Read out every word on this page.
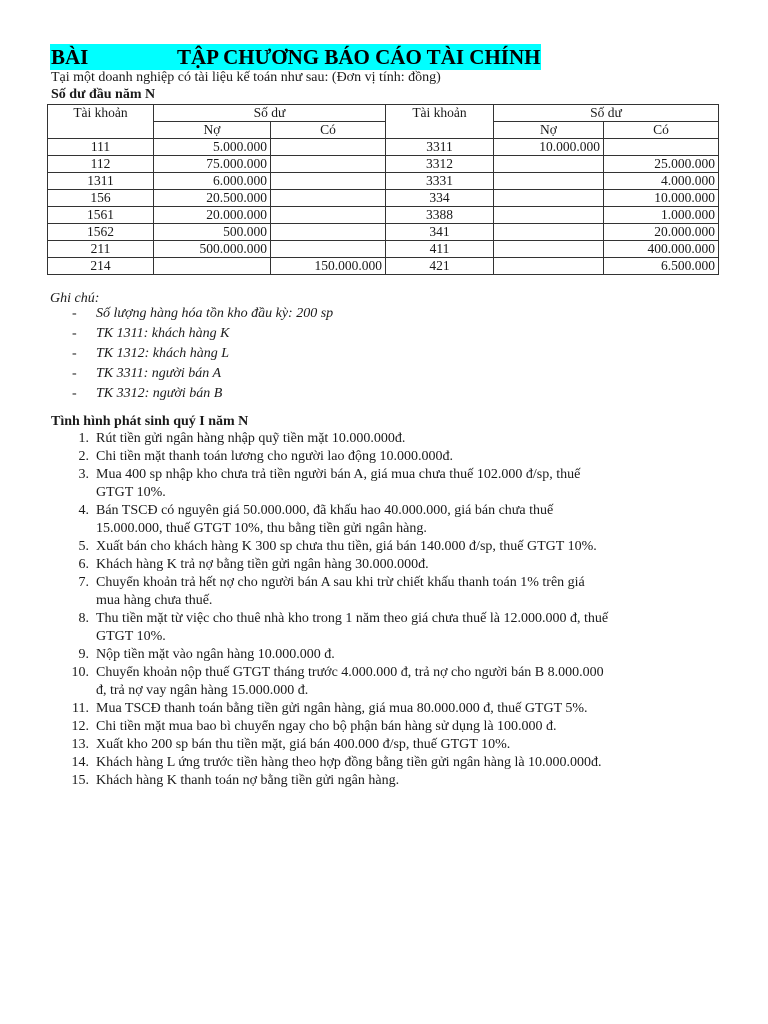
BÀI	TẬP CHƯƠNG BÁO CÁO TÀI CHÍNH
Tại một doanh nghiệp có tài liệu kế toán như sau: (Đơn vị tính: đồng)
Số dư đầu năm N
Tài khoản	Số dư		Tài khoản	Số dư	
	Nợ	Có		Nợ	Có
111	5.000.000		3311	10.000.000	
112	75.000.000		3312		25.000.000
1311	6.000.000		3331		4.000.000
156	20.500.000		334		10.000.000
1561	20.000.000		3388		1.000.000
1562	500.000		341		20.000.000
211	500.000.000		411		400.000.000
214		150.000.000	421		6.500.000
Ghi chú:
- Số lượng hàng hóa tồn kho đầu kỳ: 200 sp
- TK 1311: khách hàng K
- TK 1312: khách hàng L
- TK 3311: người bán A
- TK 3312: người bán B
Tình hình phát sinh quý I năm N
1. Rút tiền gửi ngân hàng nhập quỹ tiền mặt 10.000.000đ.
2. Chi tiền mặt thanh toán lương cho người lao động 10.000.000đ.
3. Mua 400 sp nhập kho chưa trả tiền người bán A, giá mua chưa thuế 102.000 đ/sp, thuế
GTGT 10%.
4. Bán TSCĐ có nguyên giá 50.000.000, đã khấu hao 40.000.000, giá bán chưa thuế
15.000.000, thuế GTGT 10%, thu bằng tiền gửi ngân hàng.
5. Xuất bán cho khách hàng K 300 sp chưa thu tiền, giá bán 140.000 đ/sp, thuế GTGT 10%.
6. Khách hàng K trả nợ bằng tiền gửi ngân hàng 30.000.000đ.
7. Chuyển khoản trả hết nợ cho người bán A sau khi trừ chiết khấu thanh toán 1% trên giá
mua hàng chưa thuế.
8. Thu tiền mặt từ việc cho thuê nhà kho trong 1 năm theo giá chưa thuế là 12.000.000 đ, thuế
GTGT 10%.
9. Nộp tiền mặt vào ngân hàng 10.000.000 đ.
10. Chuyển khoản nộp thuế GTGT tháng trước 4.000.000 đ, trả nợ cho người bán B 8.000.000
đ, trả nợ vay ngân hàng 15.000.000 đ.
11. Mua TSCĐ thanh toán bằng tiền gửi ngân hàng, giá mua 80.000.000 đ, thuế GTGT 5%.
12. Chi tiền mặt mua bao bì chuyển ngay cho bộ phận bán hàng sử dụng là 100.000 đ.
13. Xuất kho 200 sp bán thu tiền mặt, giá bán 400.000 đ/sp, thuế GTGT 10%.
14. Khách hàng L ứng trước tiền hàng theo hợp đồng bằng tiền gửi ngân hàng là 10.000.000đ.
15. Khách hàng K thanh toán nợ bằng tiền gửi ngân hàng.
